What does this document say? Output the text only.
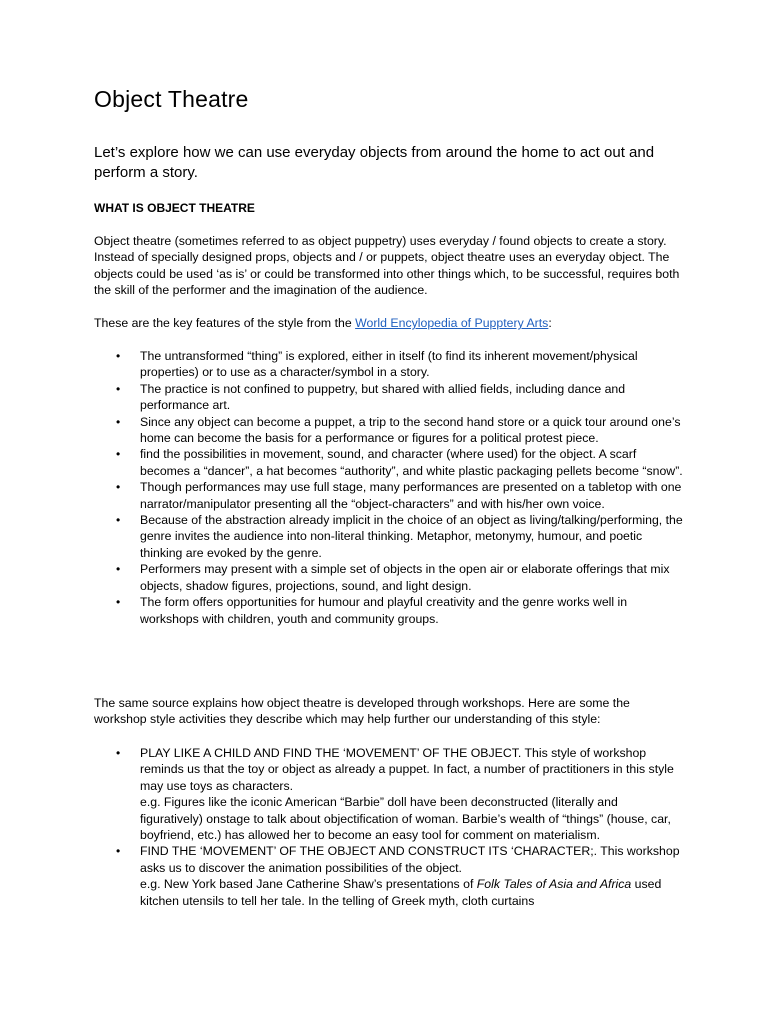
Object Theatre

Let’s explore how we can use everyday objects from around the home to act out and perform a story.

WHAT IS OBJECT THEATRE

Object theatre (sometimes referred to as object puppetry) uses everyday / found objects to create a story. Instead of specially designed props, objects and / or puppets, object theatre uses an everyday object. The objects could be used ‘as is’ or could be transformed into other things which, to be successful, requires both the skill of the performer and the imagination of the audience.

These are the key features of the style from the World Encylopedia of Pupptery Arts:

• The untransformed “thing” is explored, either in itself (to find its inherent movement/physical properties) or to use as a character/symbol in a story.
• The practice is not confined to puppetry, but shared with allied fields, including dance and performance art.
• Since any object can become a puppet, a trip to the second hand store or a quick tour around one’s home can become the basis for a performance or figures for a political protest piece.
• find the possibilities in movement, sound, and character (where used) for the object. A scarf becomes a “dancer”, a hat becomes “authority”, and white plastic packaging pellets become “snow”.
• Though performances may use full stage, many performances are presented on a tabletop with one narrator/manipulator presenting all the “object-characters” and with his/her own voice.
• Because of the abstraction already implicit in the choice of an object as living/talking/performing, the genre invites the audience into non-literal thinking. Metaphor, metonymy, humour, and poetic thinking are evoked by the genre.
• Performers may present with a simple set of objects in the open air or elaborate offerings that mix objects, shadow figures, projections, sound, and light design.
• The form offers opportunities for humour and playful creativity and the genre works well in workshops with children, youth and community groups.

The same source explains how object theatre is developed through workshops. Here are some the workshop style activities they describe which may help further our understanding of this style:

• PLAY LIKE A CHILD AND FIND THE ‘MOVEMENT’ OF THE OBJECT. This style of workshop reminds us that the toy or object as already a puppet. In fact, a number of practitioners in this style may use toys as characters.
e.g. Figures like the iconic American “Barbie” doll have been deconstructed (literally and figuratively) onstage to talk about objectification of woman. Barbie’s wealth of “things” (house, car, boyfriend, etc.) has allowed her to become an easy tool for comment on materialism.
• FIND THE ‘MOVEMENT’ OF THE OBJECT AND CONSTRUCT ITS ‘CHARACTER;. This workshop asks us to discover the animation possibilities of the object.
e.g. New York based Jane Catherine Shaw’s presentations of Folk Tales of Asia and Africa used kitchen utensils to tell her tale. In the telling of Greek myth, cloth curtains
